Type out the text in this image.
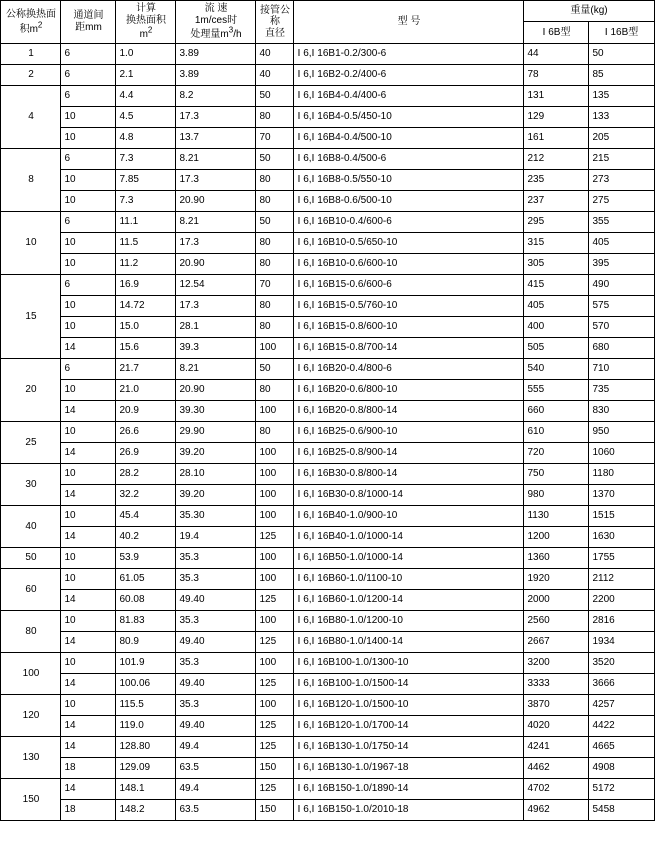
公称换热面
积$m^2$	通道间
距mm	计算
换热面积
$m^2$	流 速
1m/ces时
处理量$m^3/h$	接管公称
直径	型 号	重量(kg)	
						Ⅰ 6B型	Ⅰ 16B型
1	6	1.0	3.89	40	Ⅰ 6,Ⅰ 16B1-0.2/300-6	44	50
2	6	2.1	3.89	40	Ⅰ 6,Ⅰ 16B2-0.2/400-6	78	85
4	6	4.4	8.2	50	Ⅰ 6,Ⅰ 16B4-0.4/400-6	131	135
	10	4.5	17.3	80	Ⅰ 6,Ⅰ 16B4-0.5/450-10	129	133
	10	4.8	13.7	70	Ⅰ 6,Ⅰ 16B4-0.4/500-10	161	205
8	6	7.3	8.21	50	Ⅰ 6,Ⅰ 16B8-0.4/500-6	212	215
	10	7.85	17.3	80	Ⅰ 6,Ⅰ 16B8-0.5/550-10	235	273
	10	7.3	20.90	80	Ⅰ 6,Ⅰ 16B8-0.6/500-10	237	275
10	6	11.1	8.21	50	Ⅰ 6,Ⅰ 16B10-0.4/600-6	295	355
	10	11.5	17.3	80	Ⅰ 6,Ⅰ 16B10-0.5/650-10	315	405
	10	11.2	20.90	80	Ⅰ 6,Ⅰ 16B10-0.6/600-10	305	395
15	6	16.9	12.54	70	Ⅰ 6,Ⅰ 16B15-0.6/600-6	415	490
	10	14.72	17.3	80	Ⅰ 6,Ⅰ 16B15-0.5/760-10	405	575
	10	15.0	28.1	80	Ⅰ 6,Ⅰ 16B15-0.8/600-10	400	570
	14	15.6	39.3	100	Ⅰ 6,Ⅰ 16B15-0.8/700-14	505	680
20	6	21.7	8.21	50	Ⅰ 6,Ⅰ 16B20-0.4/800-6	540	710
	10	21.0	20.90	80	Ⅰ 6,Ⅰ 16B20-0.6/800-10	555	735
	14	20.9	39.30	100	Ⅰ 6,Ⅰ 16B20-0.8/800-14	660	830
25	10	26.6	29.90	80	Ⅰ 6,Ⅰ 16B25-0.6/900-10	610	950
	14	26.9	39.20	100	Ⅰ 6,Ⅰ 16B25-0.8/900-14	720	1060
30	10	28.2	28.10	100	Ⅰ 6,Ⅰ 16B30-0.8/800-14	750	1180
	14	32.2	39.20	100	Ⅰ 6,Ⅰ 16B30-0.8/1000-14	980	1370
40	10	45.4	35.30	100	Ⅰ 6,Ⅰ 16B40-1.0/900-10	1130	1515
	14	40.2	19.4	125	Ⅰ 6,Ⅰ 16B40-1.0/1000-14	1200	1630
50	10	53.9	35.3	100	Ⅰ 6,Ⅰ 16B50-1.0/1000-14	1360	1755
60	10	61.05	35.3	100	Ⅰ 6,Ⅰ 16B60-1.0/1100-10	1920	2112
	14	60.08	49.40	125	Ⅰ 6,Ⅰ 16B60-1.0/1200-14	2000	2200
80	10	81.83	35.3	100	Ⅰ 6,Ⅰ 16B80-1.0/1200-10	2560	2816
	14	80.9	49.40	125	Ⅰ 6,Ⅰ 16B80-1.0/1400-14	2667	1934
100	10	101.9	35.3	100	Ⅰ 6,Ⅰ 16B100-1.0/1300-10	3200	3520
	14	100.06	49.40	125	Ⅰ 6,Ⅰ 16B100-1.0/1500-14	3333	3666
120	10	115.5	35.3	100	Ⅰ 6,Ⅰ 16B120-1.0/1500-10	3870	4257
	14	119.0	49.40	125	Ⅰ 6,Ⅰ 16B120-1.0/1700-14	4020	4422
130	14	128.80	49.4	125	Ⅰ 6,Ⅰ 16B130-1.0/1750-14	4241	4665
	18	129.09	63.5	150	Ⅰ 6,Ⅰ 16B130-1.0/1967-18	4462	4908
150	14	148.1	49.4	125	Ⅰ 6,Ⅰ 16B150-1.0/1890-14	4702	5172
	18	148.2	63.5	150	Ⅰ 6,Ⅰ 16B150-1.0/2010-18	4962	5458
